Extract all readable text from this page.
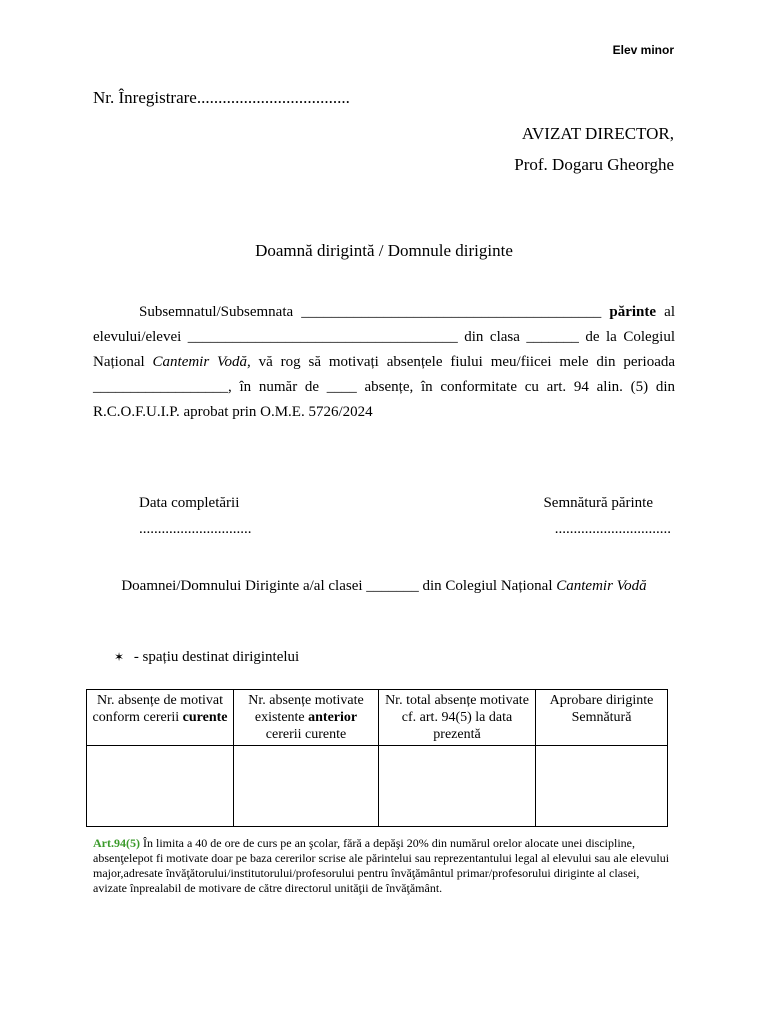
Elev minor
Nr. Înregistrare....................................
AVIZAT DIRECTOR,
Prof. Dogaru Gheorghe
Doamnă dirigintă / Domnule diriginte
Subsemnatul/Subsemnata ________________________________________ părinte al elevului/elevei ____________________________________ din clasa _______ de la Colegiul Național Cantemir Vodă, vă rog să motivați absențele fiului meu/fiicei mele din perioada __________________, în număr de ____ absențe, în conformitate cu art. 94 alin. (5) din R.C.O.F.U.I.P. aprobat prin O.M.E. 5726/2024
Data completării
..............................
Semnătură părinte
...............................
Doamnei/Domnului Diriginte a/al clasei _______ din Colegiul Național Cantemir Vodă
✶ - spațiu destinat dirigintelui
Nr. absențe de motivat conform cererii curente	Nr. absențe motivate existente anterior cererii curente	Nr. total absențe motivate cf. art. 94(5) la data prezentă	Aprobare diriginte Semnătură

Art.94(5) În limita a 40 de ore de curs pe an şcolar, fără a depăşi 20% din numărul orelor alocate unei discipline, absenţelepot fi motivate doar pe baza cererilor scrise ale părintelui sau reprezentantului legal al elevului sau ale elevului major,adresate învăţătorului/institutorului/profesorului pentru învăţământul primar/profesorului diriginte al clasei, avizate înprealabil de motivare de către directorul unităţii de învăţământ.
